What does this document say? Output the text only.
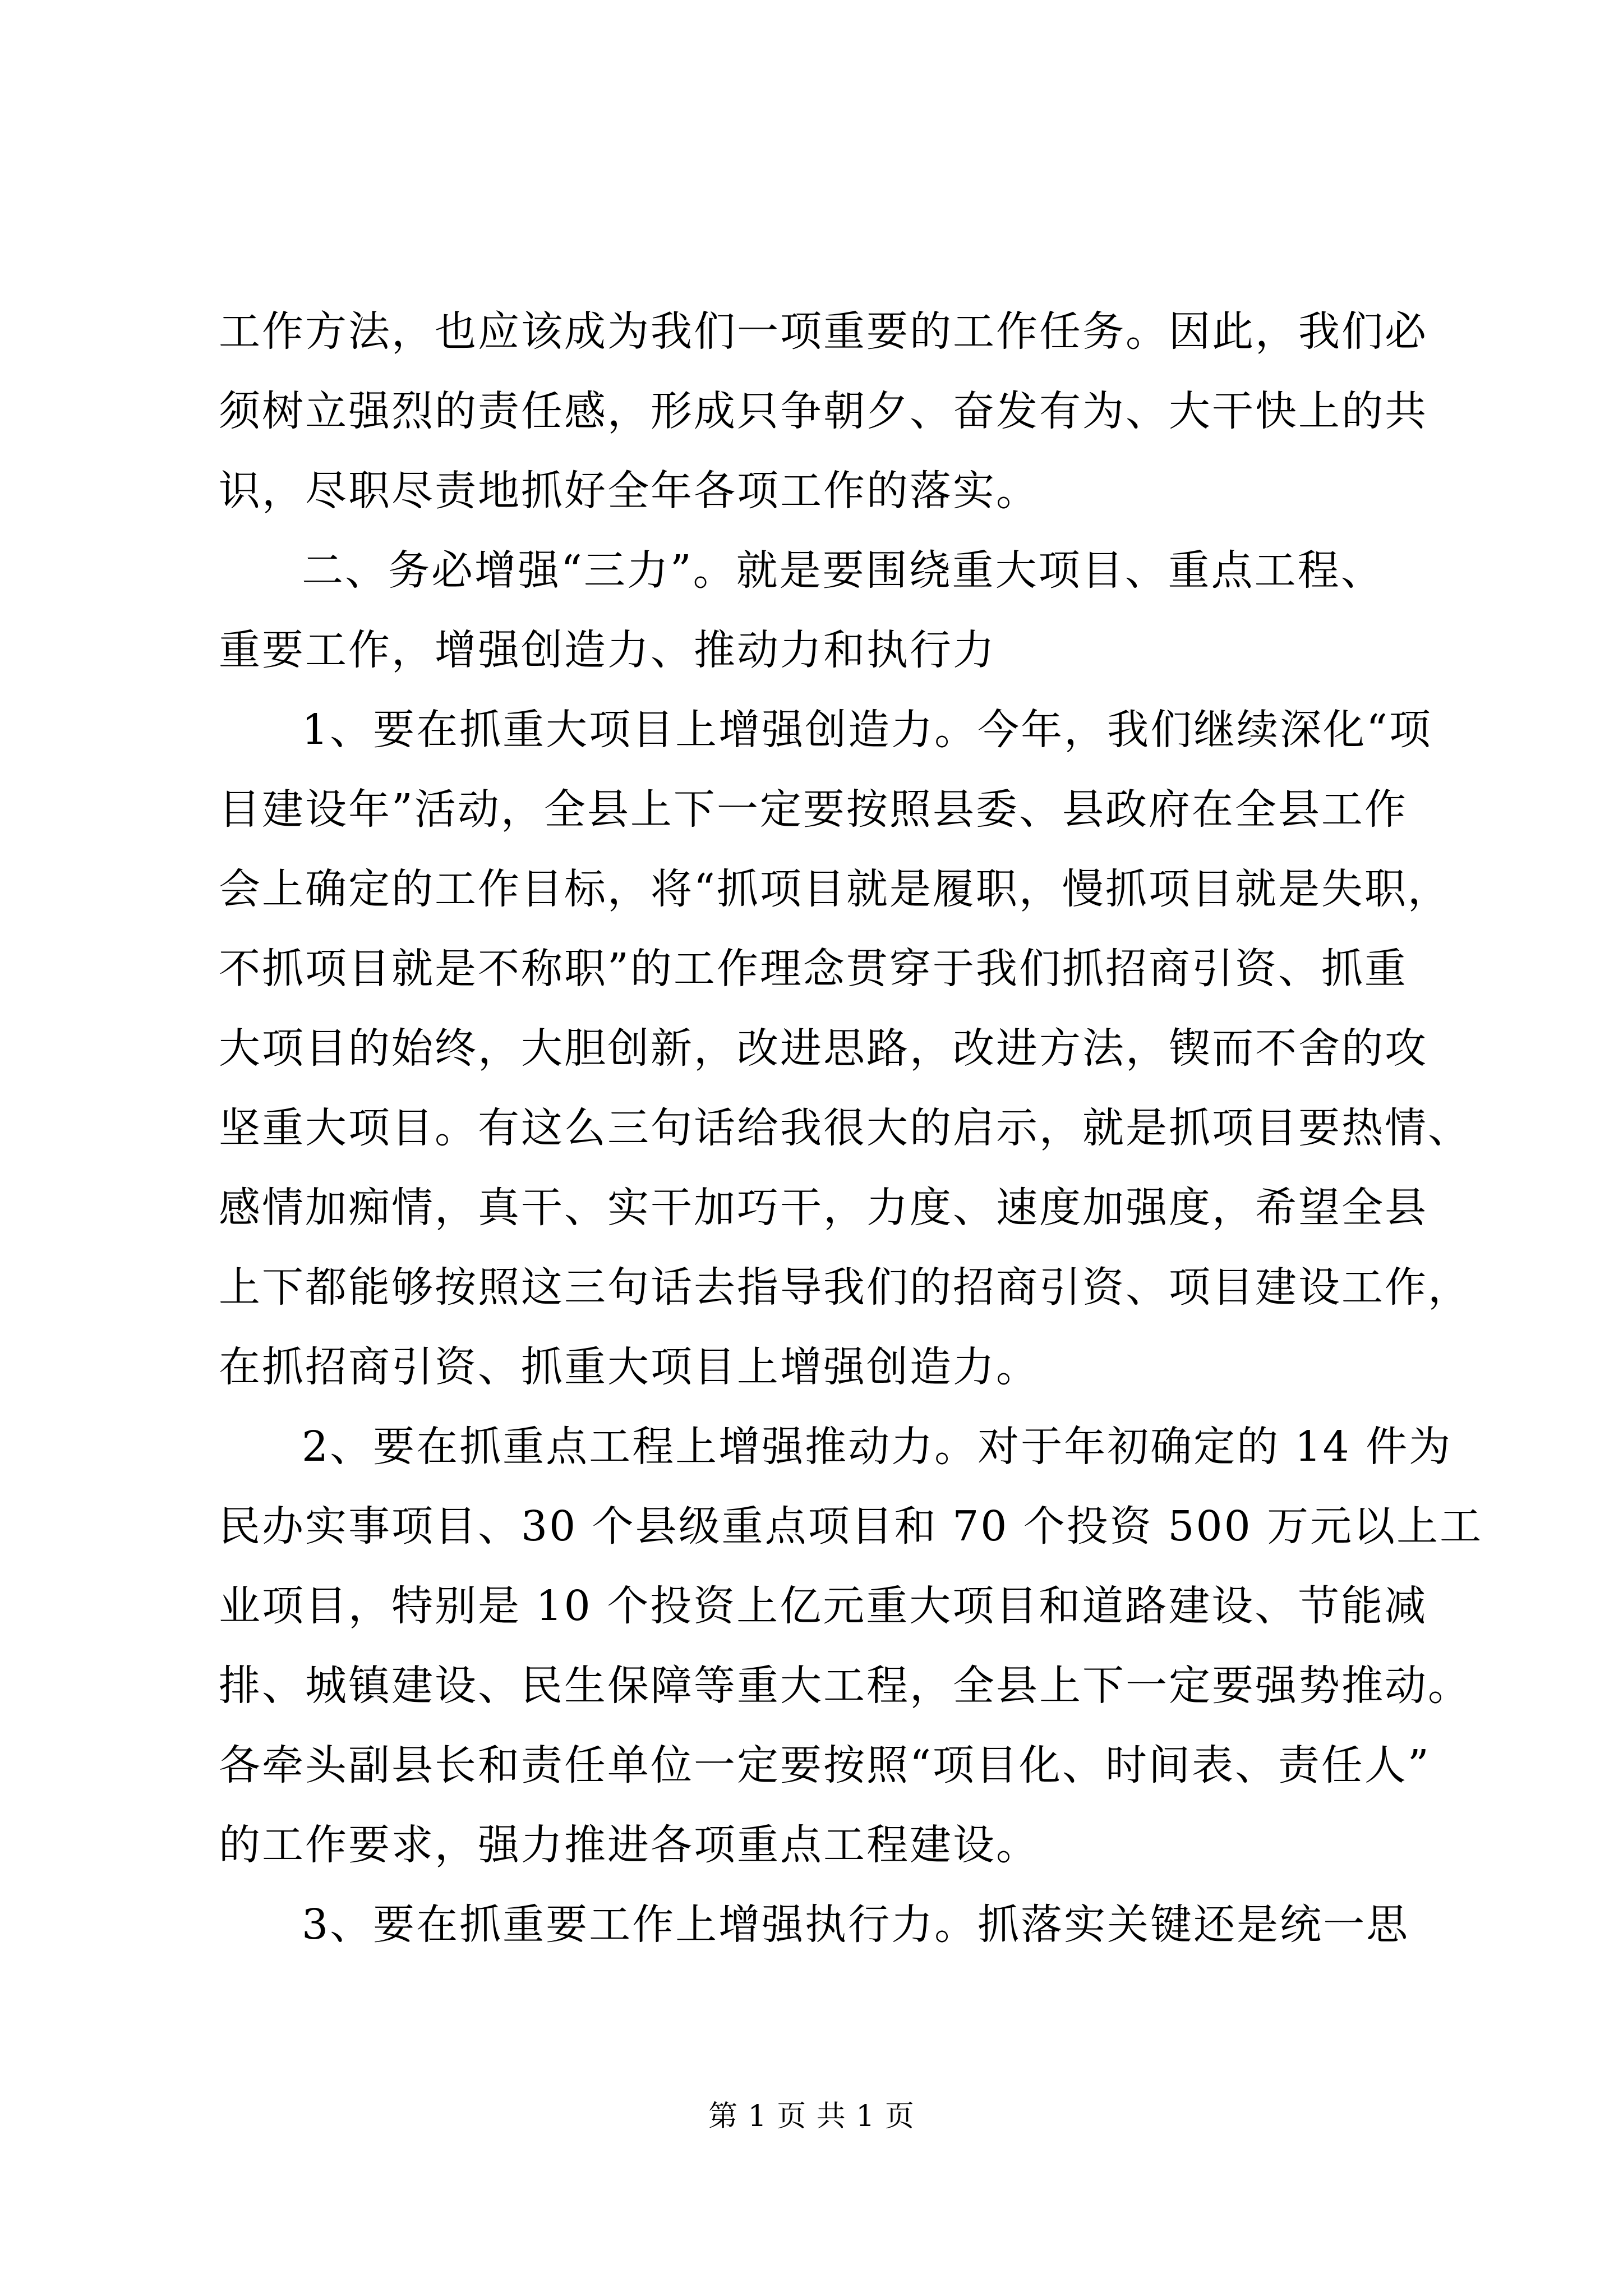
工作方法，也应该成为我们一项重要的工作任务。因此，我们必
须树立强烈的责任感，形成只争朝夕、奋发有为、大干快上的共
识，尽职尽责地抓好全年各项工作的落实。
二、务必增强“三力”。就是要围绕重大项目、重点工程、
重要工作，增强创造力、推动力和执行力
1、要在抓重大项目上增强创造力。今年，我们继续深化“项
目建设年”活动，全县上下一定要按照县委、县政府在全县工作
会上确定的工作目标，将“抓项目就是履职，慢抓项目就是失职，
不抓项目就是不称职”的工作理念贯穿于我们抓招商引资、抓重
大项目的始终，大胆创新，改进思路，改进方法，锲而不舍的攻
坚重大项目。有这么三句话给我很大的启示，就是抓项目要热情、
感情加痴情，真干、实干加巧干，力度、速度加强度，希望全县
上下都能够按照这三句话去指导我们的招商引资、项目建设工作，
在抓招商引资、抓重大项目上增强创造力。
2、要在抓重点工程上增强推动力。对于年初确定的 14 件为
民办实事项目、30 个县级重点项目和 70 个投资 500 万元以上工
业项目，特别是 10 个投资上亿元重大项目和道路建设、节能减
排、城镇建设、民生保障等重大工程，全县上下一定要强势推动。
各牵头副县长和责任单位一定要按照“项目化、时间表、责任人”
的工作要求，强力推进各项重点工程建设。
3、要在抓重要工作上增强执行力。抓落实关键还是统一思
第 1 页 共 1 页
